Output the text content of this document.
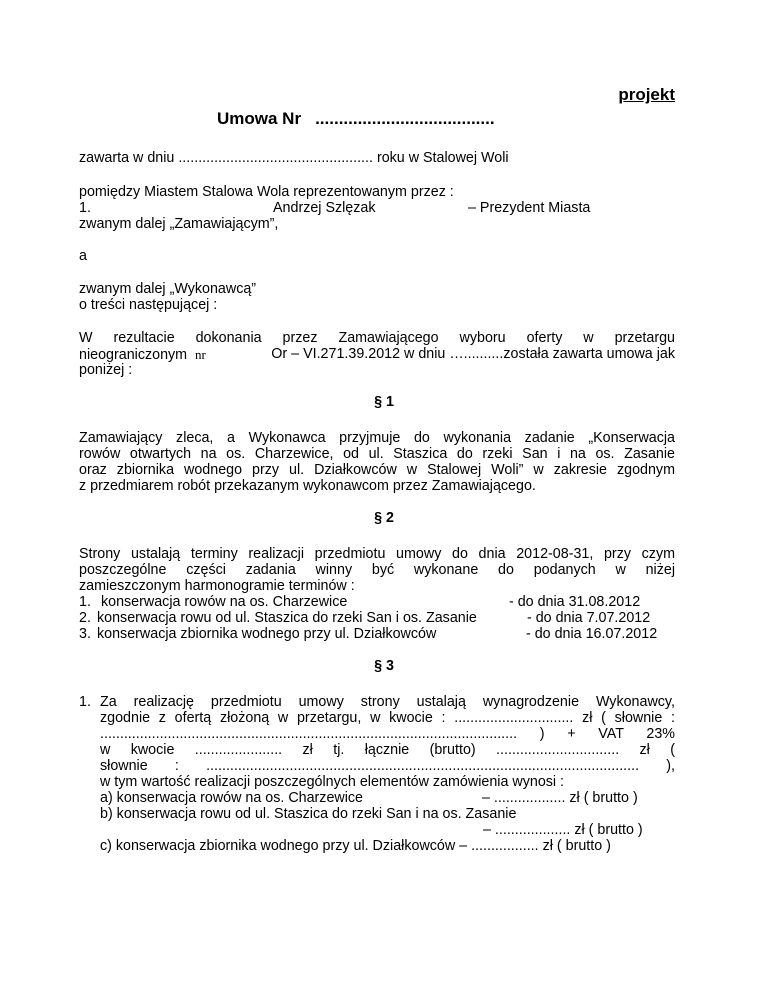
projekt
Umowa Nr ......................................
zawarta w dniu ................................................. roku w Stalowej Woli
pomiędzy Miastem Stalowa Wola reprezentowanym przez :
1.	Andrzej Szlęzak	– Prezydent Miasta
zwanym dalej „Zamawiającym”,
a
zwanym dalej „Wykonawcą”
o treści następującej :
W rezultacie dokonania przez Zamawiającego wyboru oferty w przetargu
nieograniczonym nr	Or – VI.271.39.2012 w dniu …..........została zawarta umowa jak
poniżej :
§ 1
Zamawiający zleca, a Wykonawca przyjmuje do wykonania zadanie „Konserwacja
rowów otwartych na os. Charzewice, od ul. Staszica do rzeki San i na os. Zasanie
oraz zbiornika wodnego przy ul. Działkowców w Stalowej Woli” w zakresie zgodnym
z przedmiarem robót przekazanym wykonawcom przez Zamawiającego.
§ 2
Strony ustalają terminy realizacji przedmiotu umowy do dnia 2012-08-31, przy czym
poszczególne części zadania winny być wykonane do podanych w niżej
zamieszczonym harmonogramie terminów :
1. konserwacja rowów na os. Charzewice	- do dnia 31.08.2012
2. konserwacja rowu od ul. Staszica do rzeki San i os. Zasanie	- do dnia 7.07.2012
3. konserwacja zbiornika wodnego przy ul. Działkowców	- do dnia 16.07.2012
§ 3
1. Za realizację przedmiotu umowy strony ustalają wynagrodzenie Wykonawcy,
zgodnie z ofertą złożoną w przetargu, w kwocie : .............................. zł ( słownie :
......................................................................................................... ) + VAT 23%
w kwocie ...................... zł tj. łącznie (brutto) ............................... zł (
słownie : ............................................................................................................. ),
w tym wartość realizacji poszczególnych elementów zamówienia wynosi :
a) konserwacja rowów na os. Charzewice	– .................. zł ( brutto )
b) konserwacja rowu od ul. Staszica do rzeki San i na os. Zasanie
– ................... zł ( brutto )
c) konserwacja zbiornika wodnego przy ul. Działkowców – ................. zł ( brutto )
